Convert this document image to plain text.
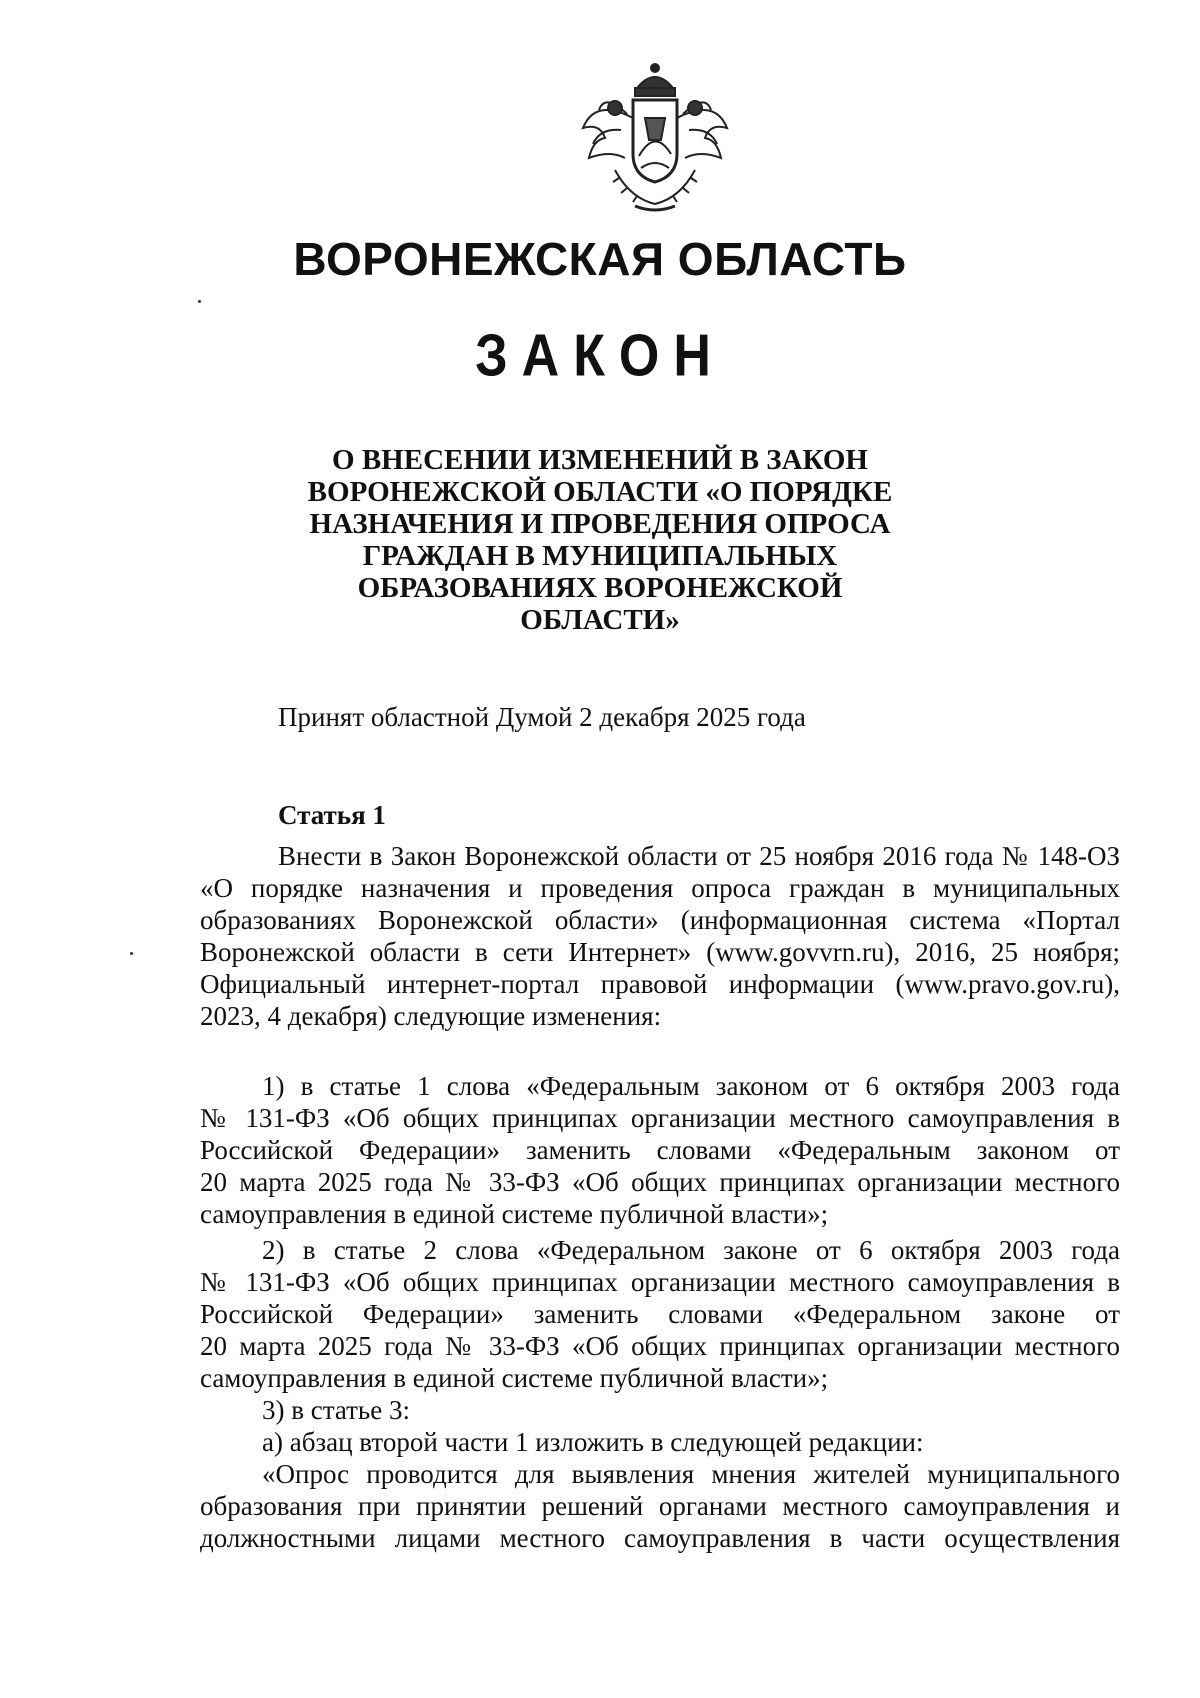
ВОРОНЕЖСКАЯ ОБЛАСТЬ
ЗАКОН
О ВНЕСЕНИИ ИЗМЕНЕНИЙ В ЗАКОН
ВОРОНЕЖСКОЙ ОБЛАСТИ «О ПОРЯДКЕ
НАЗНАЧЕНИЯ И ПРОВЕДЕНИЯ ОПРОСА
ГРАЖДАН В МУНИЦИПАЛЬНЫХ
ОБРАЗОВАНИЯХ ВОРОНЕЖСКОЙ
ОБЛАСТИ»

Принят областной Думой 2 декабря 2025 года

Статья 1

Внести в Закон Воронежской области от 25 ноября 2016 года № 148-ОЗ
«О порядке назначения и проведения опроса граждан в муниципальных
образованиях Воронежской области» (информационная система «Портал
Воронежской области в сети Интернет» (www.govvrn.ru), 2016, 25 ноября;
Официальный интернет-портал правовой информации (www.pravo.gov.ru),
2023, 4 декабря) следующие изменения:
1) в статье 1 слова «Федеральным законом от 6 октября 2003 года
№ 131-ФЗ «Об общих принципах организации местного самоуправления в
Российской Федерации» заменить словами «Федеральным законом от
20 марта 2025 года № 33-ФЗ «Об общих принципах организации местного
самоуправления в единой системе публичной власти»;
2) в статье 2 слова «Федеральном законе от 6 октября 2003 года
№ 131-ФЗ «Об общих принципах организации местного самоуправления в
Российской Федерации» заменить словами «Федеральном законе от
20 марта 2025 года № 33-ФЗ «Об общих принципах организации местного
самоуправления в единой системе публичной власти»;
3) в статье 3:
а) абзац второй части 1 изложить в следующей редакции:
«Опрос проводится для выявления мнения жителей муниципального
образования при принятии решений органами местного самоуправления и
должностными лицами местного самоуправления в части осуществления
